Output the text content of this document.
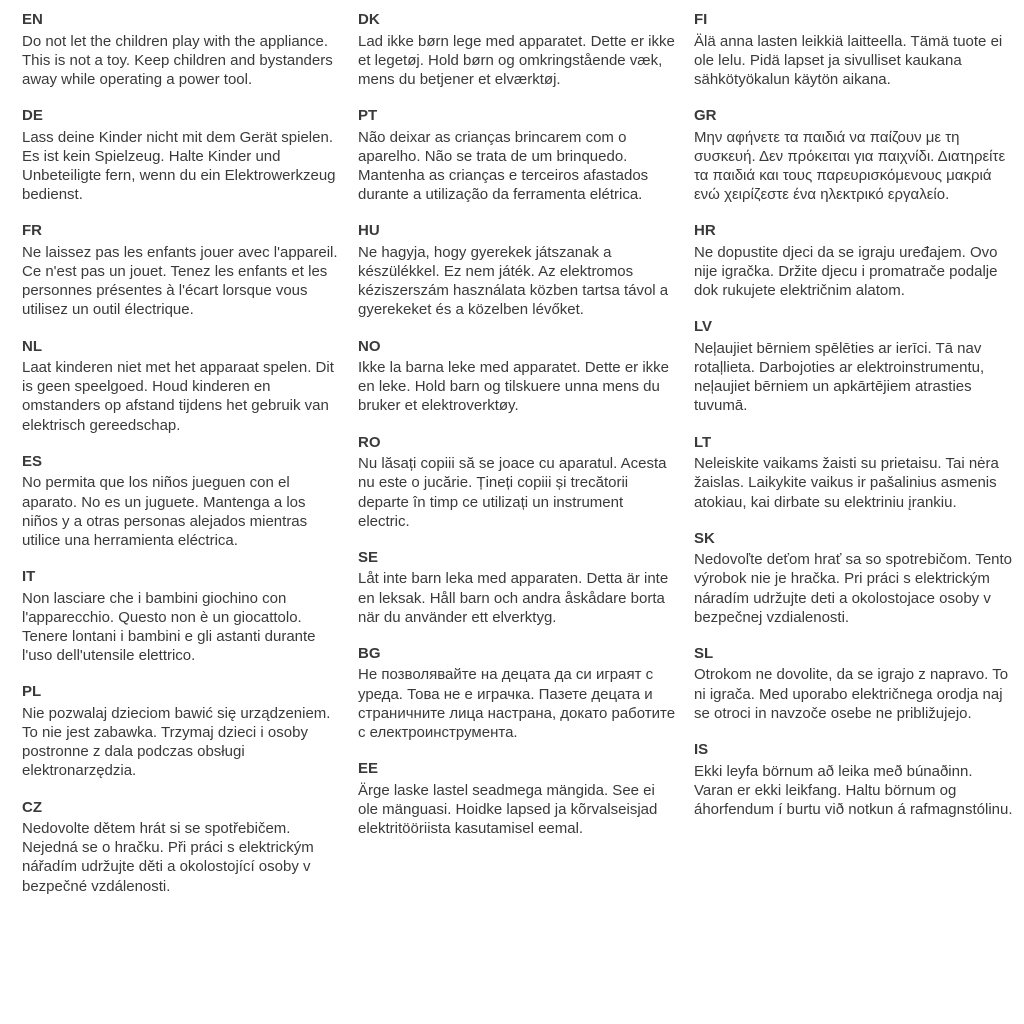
EN

Do not let the children play with the appliance. This is not a toy. Keep children and bystanders away while operating a power tool.

DE

Lass deine Kinder nicht mit dem Gerät spielen. Es ist kein Spielzeug. Halte Kinder und Unbeteiligte fern, wenn du ein Elektrowerkzeug bedienst.

FR

Ne laissez pas les enfants jouer avec l'appareil. Ce n'est pas un jouet. Tenez les enfants et les personnes présentes à l'écart lorsque vous utilisez un outil électrique.

NL

Laat kinderen niet met het apparaat spelen. Dit is geen speelgoed. Houd kinderen en omstanders op afstand tijdens het gebruik van elektrisch gereedschap.

ES

No permita que los niños jueguen con el aparato. No es un juguete. Mantenga a los niños y a otras personas alejados mientras utilice una herramienta eléctrica.

IT

Non lasciare che i bambini giochino con l'apparecchio. Questo non è un giocattolo. Tenere lontani i bambini e gli astanti durante l'uso dell'utensile elettrico.

PL

Nie pozwalaj dzieciom bawić się urządzeniem. To nie jest zabawka. Trzymaj dzieci i osoby postronne z dala podczas obsługi elektronarzędzia.

CZ

Nedovolte dětem hrát si se spotřebičem. Nejedná se o hračku. Při práci s elektrickým nářadím udržujte děti a okolostojící osoby v bezpečné vzdálenosti.

DK

Lad ikke børn lege med apparatet. Dette er ikke et legetøj. Hold børn og omkringstående væk, mens du betjener et elværktøj.

PT

Não deixar as crianças brincarem com o aparelho. Não se trata de um brinquedo. Mantenha as crianças e terceiros afastados durante a utilização da ferramenta elétrica.

HU

Ne hagyja, hogy gyerekek játszanak a készülékkel. Ez nem játék. Az elektromos kéziszerszám használata közben tartsa távol a gyerekeket és a közelben lévőket.

NO

Ikke la barna leke med apparatet. Dette er ikke en leke. Hold barn og tilskuere unna mens du bruker et elektroverktøy.

RO

Nu lăsați copiii să se joace cu aparatul. Acesta nu este o jucărie. Țineți copiii și trecătorii departe în timp ce utilizați un instrument electric.

SE

Låt inte barn leka med apparaten. Detta är inte en leksak. Håll barn och andra åskådare borta när du använder ett elverktyg.

BG

Не позволявайте на децата да си играят с уреда. Това не е играчка. Пазете децата и страничните лица настрана, докато работите с електроинструмента.

EE

Ärge laske lastel seadmega mängida. See ei ole mänguasi. Hoidke lapsed ja kõrvalseisjad elektritööriista kasutamisel eemal.

FI

Älä anna lasten leikkiä laitteella. Tämä tuote ei ole lelu. Pidä lapset ja sivulliset kaukana sähkötyökalun käytön aikana.

GR

Μην αφήνετε τα παιδιά να παίζουν με τη συσκευή. Δεν πρόκειται για παιχνίδι. Διατηρείτε τα παιδιά και τους παρευρισκόμενους μακριά ενώ χειρίζεστε ένα ηλεκτρικό εργαλείο.

HR

Ne dopustite djeci da se igraju uređajem. Ovo nije igračka. Držite djecu i promatrače podalje dok rukujete električnim alatom.

LV

Neļaujiet bērniem spēlēties ar ierīci. Tā nav rotaļlieta. Darbojoties ar elektroinstrumentu, neļaujiet bērniem un apkārtējiem atrasties tuvumā.

LT

Neleiskite vaikams žaisti su prietaisu. Tai nėra žaislas. Laikykite vaikus ir pašalinius asmenis atokiau, kai dirbate su elektriniu įrankiu.

SK

Nedovoľte deťom hrať sa so spotrebičom. Tento výrobok nie je hračka. Pri práci s elektrickým náradím udržujte deti a okolostojace osoby v bezpečnej vzdialenosti.

SL

Otrokom ne dovolite, da se igrajo z napravo. To ni igrača. Med uporabo električnega orodja naj se otroci in navzoče osebe ne približujejo.

IS

Ekki leyfa börnum að leika með búnaðinn. Varan er ekki leikfang. Haltu börnum og áhorfendum í burtu við notkun á rafmagnstólinu.
